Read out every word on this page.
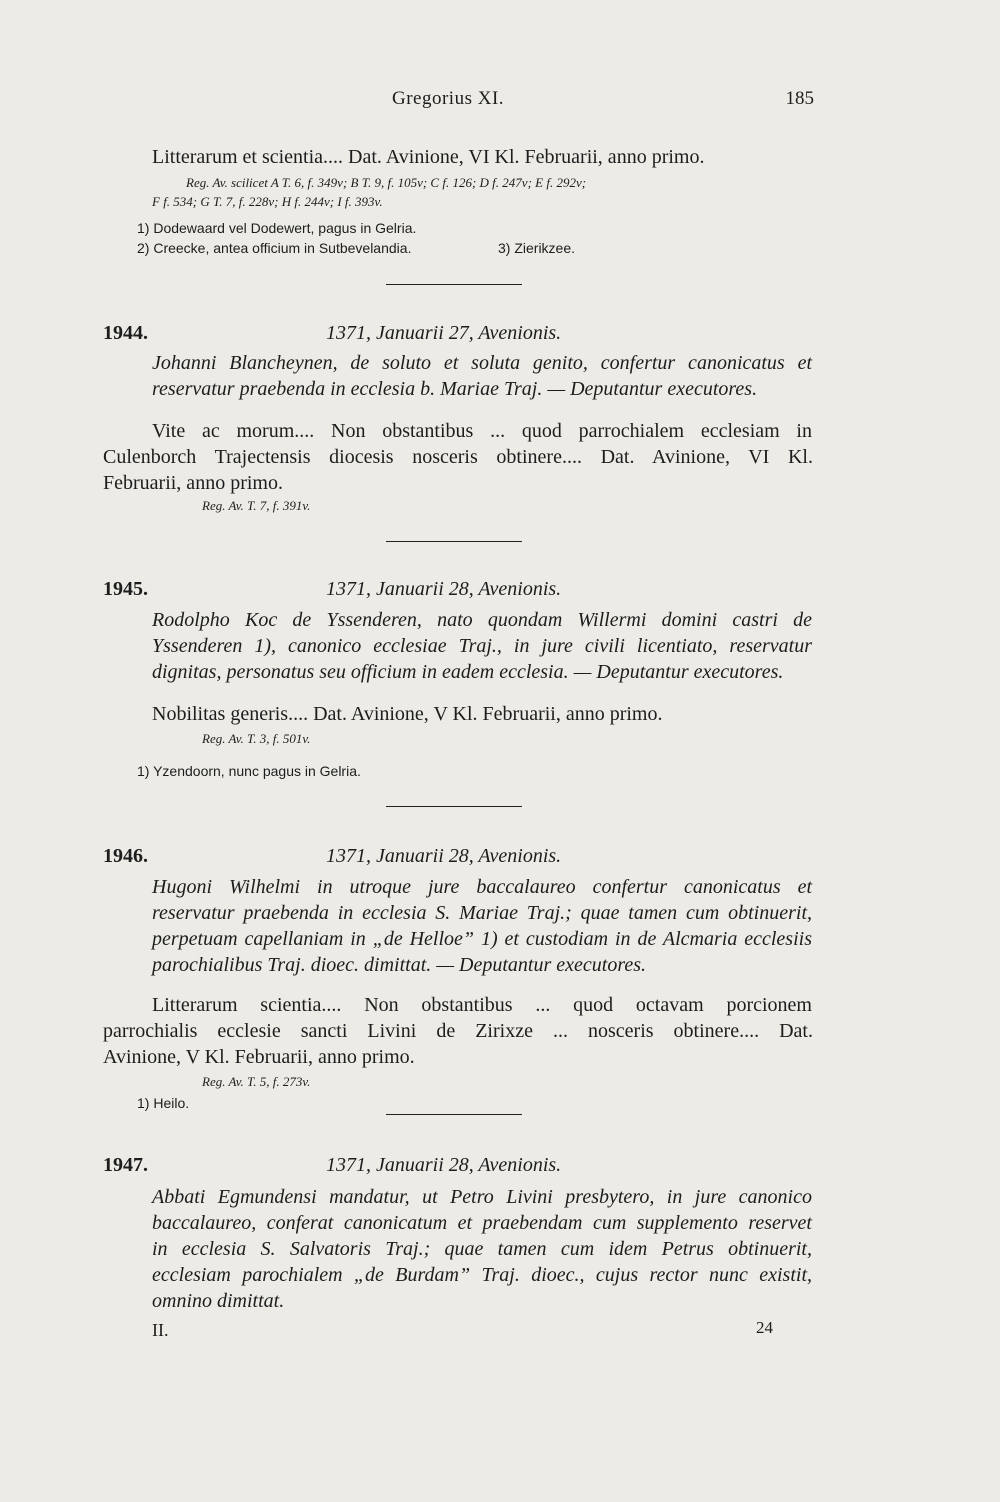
Gregorius XI.	185
Litterarum et scientia.... Dat. Avinione, VI Kl. Februarii, anno primo.
Reg. Av. scilicet A T. 6, f. 349v; B T. 9, f. 105v; C f. 126; D f. 247v; E f. 292v;
F f. 534; G T. 7, f. 228v; H f. 244v; I f. 393v.
1) Dodewaard vel Dodewert, pagus in Gelria.
2) Creecke, antea officium in Sutbevelandia.	3) Zierikzee.
1944.	1371, Januarii 27, Avenionis.
Johanni Blancheynen, de soluto et soluta genito, confertur canonicatus et
reservatur praebenda in ecclesia b. Mariae Traj. — Deputantur executores.
Vite ac morum.... Non obstantibus ... quod parrochialem ecclesiam in
Culenborch Trajectensis diocesis nosceris obtinere.... Dat. Avinione, VI Kl.
Februarii, anno primo.
Reg. Av. T. 7, f. 391v.
1945.	1371, Januarii 28, Avenionis.
Rodolpho Koc de Yssenderen, nato quondam Willermi domini castri de
Yssenderen 1), canonico ecclesiae Traj., in jure civili licentiato, reservatur
dignitas, personatus seu officium in eadem ecclesia. — Deputantur executores.
Nobilitas generis.... Dat. Avinione, V Kl. Februarii, anno primo.
Reg. Av. T. 3, f. 501v.
1) Yzendoorn, nunc pagus in Gelria.
1946.	1371, Januarii 28, Avenionis.
Hugoni Wilhelmi in utroque jure baccalaureo confertur canonicatus et
reservatur praebenda in ecclesia S. Mariae Traj.; quae tamen cum obtinuerit,
perpetuam capellaniam in „de Helloe” 1) et custodiam in de Alcmaria ecclesiis
parochialibus Traj. dioec. dimittat. — Deputantur executores.
Litterarum scientia.... Non obstantibus ... quod octavam porcionem
parrochialis ecclesie sancti Livini de Zirixze ... nosceris obtinere.... Dat.
Avinione, V Kl. Februarii, anno primo.
Reg. Av. T. 5, f. 273v.
1) Heilo.
1947.	1371, Januarii 28, Avenionis.
Abbati Egmundensi mandatur, ut Petro Livini presbytero, in jure canonico
baccalaureo, conferat canonicatum et praebendam cum supplemento reservet
in ecclesia S. Salvatoris Traj.; quae tamen cum idem Petrus obtinuerit,
ecclesiam parochialem „de Burdam” Traj. dioec., cujus rector nunc existit,
omnino dimittat.
II.	24
